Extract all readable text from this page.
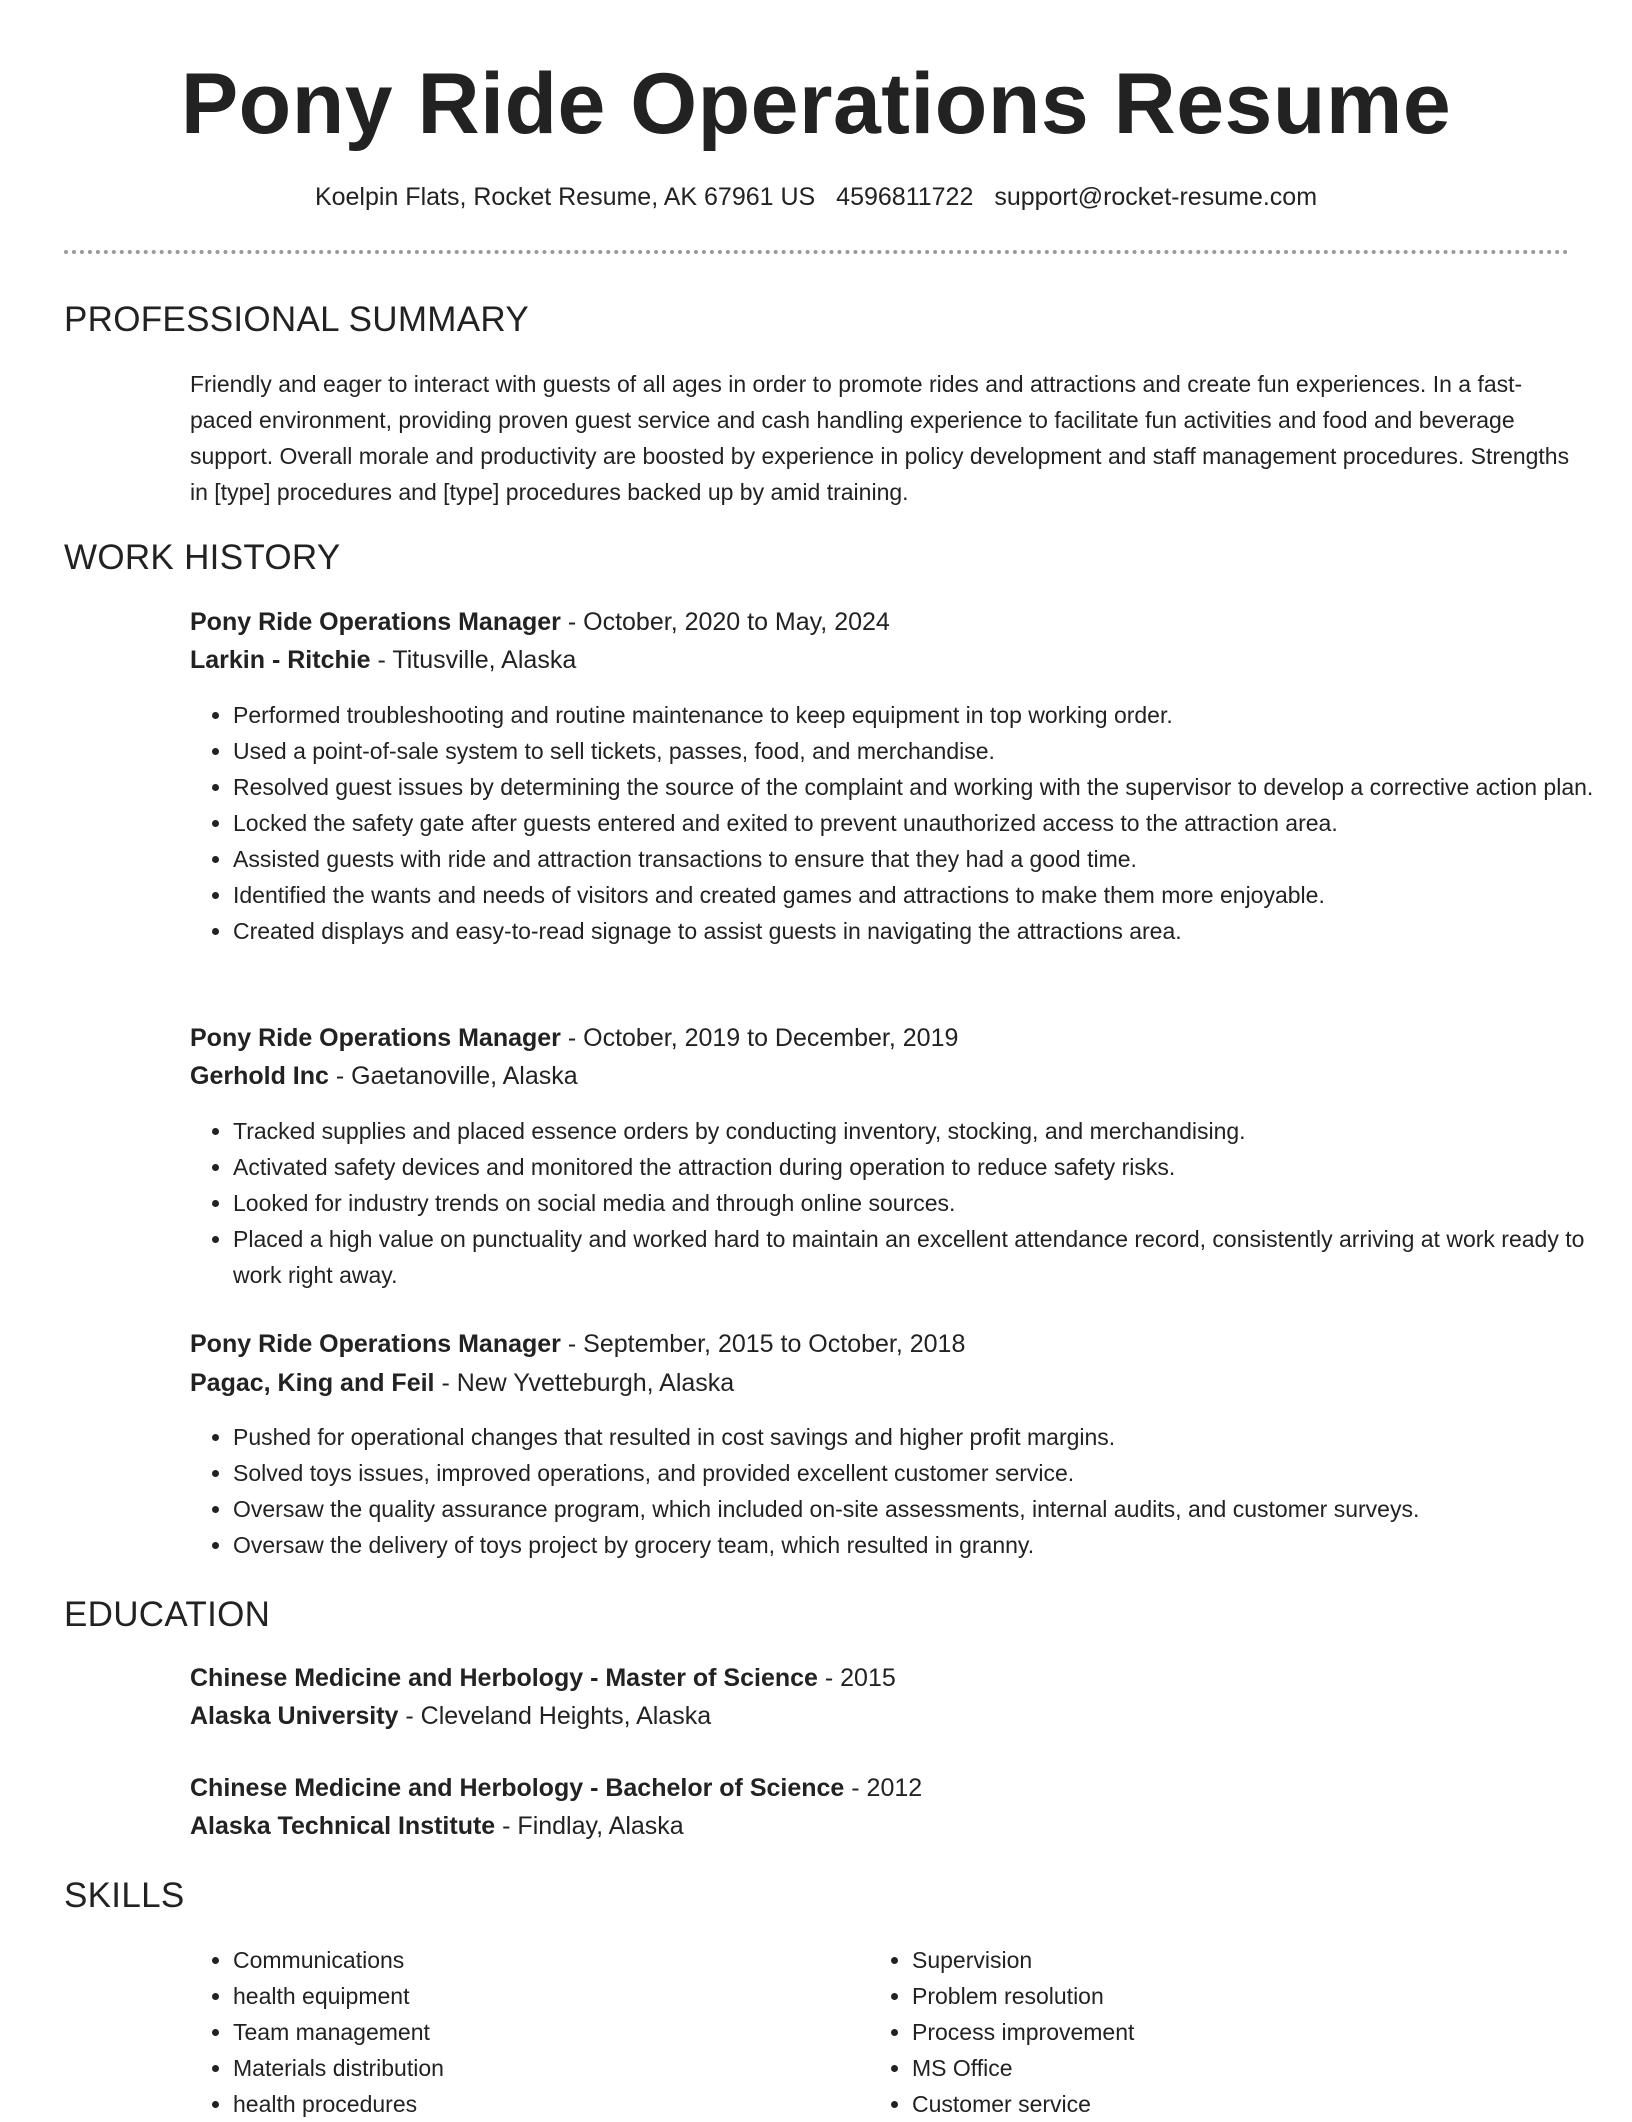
Pony Ride Operations Resume
Koelpin Flats, Rocket Resume, AK 67961 US 4596811722 support@rocket-resume.com
PROFESSIONAL SUMMARY

Friendly and eager to interact with guests of all ages in order to promote rides and attractions and create fun experiences. In a fast-paced environment, providing proven guest service and cash handling experience to facilitate fun activities and food and beverage support. Overall morale and productivity are boosted by experience in policy development and staff management procedures. Strengths in [type] procedures and [type] procedures backed up by amid training.

WORK HISTORY
Pony Ride Operations Manager - October, 2020 to May, 2024
Larkin - Ritchie - Titusville, Alaska
• Performed troubleshooting and routine maintenance to keep equipment in top working order.
• Used a point-of-sale system to sell tickets, passes, food, and merchandise.
• Resolved guest issues by determining the source of the complaint and working with the supervisor to develop a corrective action plan.
• Locked the safety gate after guests entered and exited to prevent unauthorized access to the attraction area.
• Assisted guests with ride and attraction transactions to ensure that they had a good time.
• Identified the wants and needs of visitors and created games and attractions to make them more enjoyable.
• Created displays and easy-to-read signage to assist guests in navigating the attractions area.
Pony Ride Operations Manager - October, 2019 to December, 2019
Gerhold Inc - Gaetanoville, Alaska
• Tracked supplies and placed essence orders by conducting inventory, stocking, and merchandising.
• Activated safety devices and monitored the attraction during operation to reduce safety risks.
• Looked for industry trends on social media and through online sources.
• Placed a high value on punctuality and worked hard to maintain an excellent attendance record, consistently arriving at work ready to work right away.
Pony Ride Operations Manager - September, 2015 to October, 2018
Pagac, King and Feil - New Yvetteburgh, Alaska
• Pushed for operational changes that resulted in cost savings and higher profit margins.
• Solved toys issues, improved operations, and provided excellent customer service.
• Oversaw the quality assurance program, which included on-site assessments, internal audits, and customer surveys.
• Oversaw the delivery of toys project by grocery team, which resulted in granny.
EDUCATION
Chinese Medicine and Herbology - Master of Science - 2015
Alaska University - Cleveland Heights, Alaska
Chinese Medicine and Herbology - Bachelor of Science - 2012
Alaska Technical Institute - Findlay, Alaska
SKILLS
• Communications
• health equipment
• Team management
• Materials distribution
• health procedures
• Supervision
• Problem resolution
• Process improvement
• MS Office
• Customer service
